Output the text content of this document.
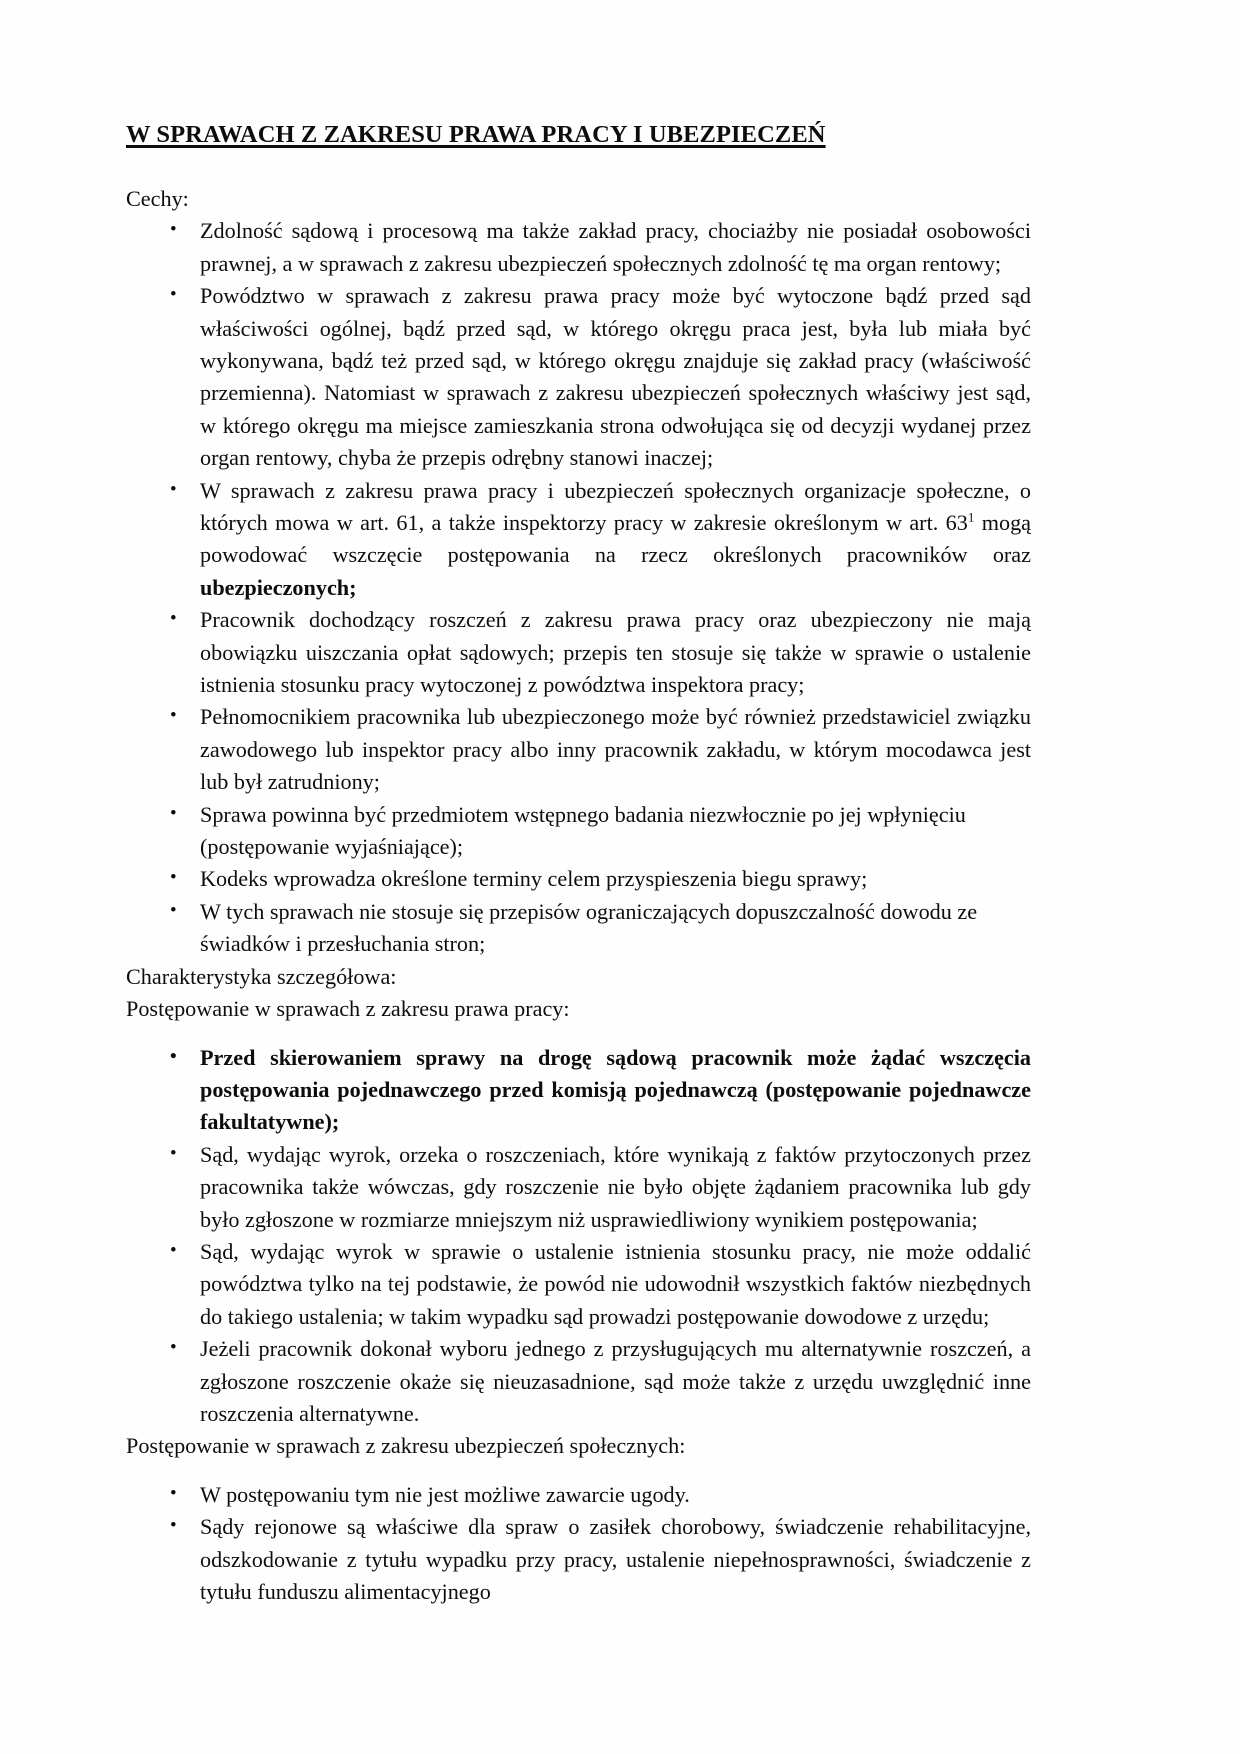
W SPRAWACH Z ZAKRESU PRAWA PRACY I UBEZPIECZEŃ

Cechy:

• Zdolność sądową i procesową ma także zakład pracy, chociażby nie posiadał osobowości prawnej, a w sprawach z zakresu ubezpieczeń społecznych zdolność tę ma organ rentowy;
• Powództwo w sprawach z zakresu prawa pracy może być wytoczone bądź przed sąd właściwości ogólnej, bądź przed sąd, w którego okręgu praca jest, była lub miała być wykonywana, bądź też przed sąd, w którego okręgu znajduje się zakład pracy (właściwość przemienna). Natomiast w sprawach z zakresu ubezpieczeń społecznych właściwy jest sąd, w którego okręgu ma miejsce zamieszkania strona odwołująca się od decyzji wydanej przez organ rentowy, chyba że przepis odrębny stanowi inaczej;
• W sprawach z zakresu prawa pracy i ubezpieczeń społecznych organizacje społeczne, o których mowa w art. 61, a także inspektorzy pracy w zakresie określonym w art. 63$^1$ mogą powodować wszczęcie postępowania na rzecz określonych pracowników oraz ubezpieczonych;
• Pracownik dochodzący roszczeń z zakresu prawa pracy oraz ubezpieczony nie mają obowiązku uiszczania opłat sądowych; przepis ten stosuje się także w sprawie o ustalenie istnienia stosunku pracy wytoczonej z powództwa inspektora pracy;
• Pełnomocnikiem pracownika lub ubezpieczonego może być również przedstawiciel związku zawodowego lub inspektor pracy albo inny pracownik zakładu, w którym mocodawca jest lub był zatrudniony;
• Sprawa powinna być przedmiotem wstępnego badania niezwłocznie po jej wpłynięciu (postępowanie wyjaśniające);
• Kodeks wprowadza określone terminy celem przyspieszenia biegu sprawy;
• W tych sprawach nie stosuje się przepisów ograniczających dopuszczalność dowodu ze świadków i przesłuchania stron;

Charakterystyka szczegółowa:

Postępowanie w sprawach z zakresu prawa pracy:

• Przed skierowaniem sprawy na drogę sądową pracownik może żądać wszczęcia postępowania pojednawczego przed komisją pojednawczą (postępowanie pojednawcze fakultatywne);
• Sąd, wydając wyrok, orzeka o roszczeniach, które wynikają z faktów przytoczonych przez pracownika także wówczas, gdy roszczenie nie było objęte żądaniem pracownika lub gdy było zgłoszone w rozmiarze mniejszym niż usprawiedliwiony wynikiem postępowania;
• Sąd, wydając wyrok w sprawie o ustalenie istnienia stosunku pracy, nie może oddalić powództwa tylko na tej podstawie, że powód nie udowodnił wszystkich faktów niezbędnych do takiego ustalenia; w takim wypadku sąd prowadzi postępowanie dowodowe z urzędu;
• Jeżeli pracownik dokonał wyboru jednego z przysługujących mu alternatywnie roszczeń, a zgłoszone roszczenie okaże się nieuzasadnione, sąd może także z urzędu uwzględnić inne roszczenia alternatywne.

Postępowanie w sprawach z zakresu ubezpieczeń społecznych:

• W postępowaniu tym nie jest możliwe zawarcie ugody.
• Sądy rejonowe są właściwe dla spraw o zasiłek chorobowy, świadczenie rehabilitacyjne, odszkodowanie z tytułu wypadku przy pracy, ustalenie niepełnosprawności, świadczenie z tytułu funduszu alimentacyjnego
